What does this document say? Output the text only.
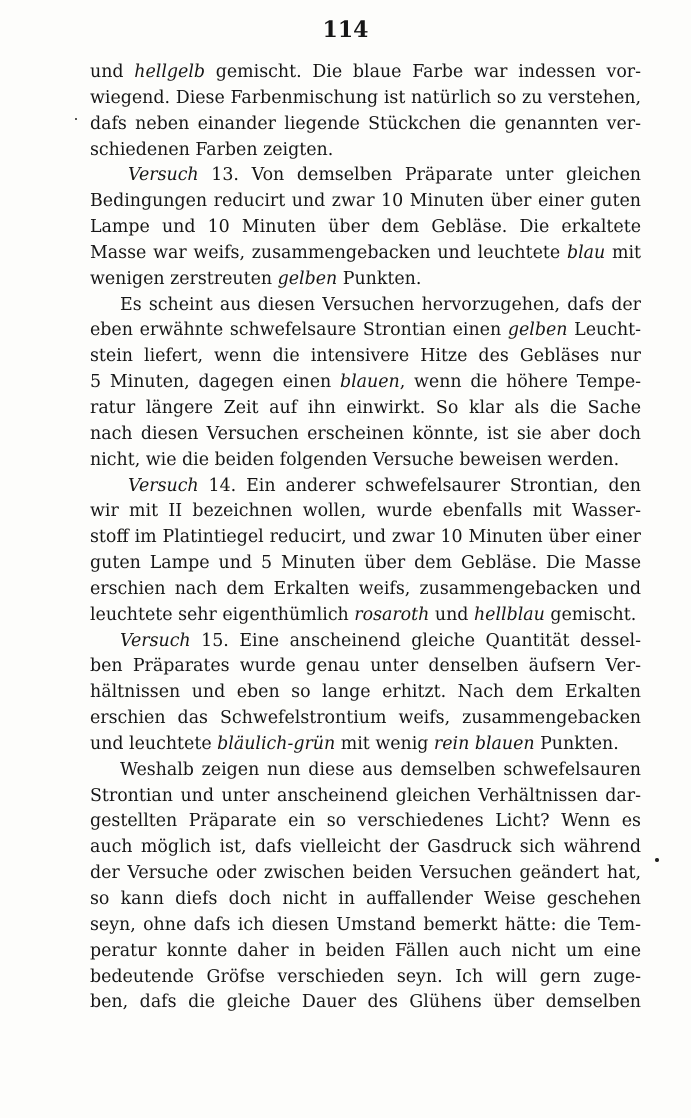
114
und hellgelb gemischt. Die blaue Farbe war indessen vor-
wiegend. Diese Farbenmischung ist natürlich so zu verstehen,
dafs neben einander liegende Stückchen die genannten ver-
schiedenen Farben zeigten.
Versuch 13. Von demselben Präparate unter gleichen
Bedingungen reducirt und zwar 10 Minuten über einer guten
Lampe und 10 Minuten über dem Gebläse. Die erkaltete
Masse war weifs, zusammengebacken und leuchtete blau mit
wenigen zerstreuten gelben Punkten.
Es scheint aus diesen Versuchen hervorzugehen, dafs der
eben erwähnte schwefelsaure Strontian einen gelben Leucht-
stein liefert, wenn die intensivere Hitze des Gebläses nur
5 Minuten, dagegen einen blauen, wenn die höhere Tempe-
ratur längere Zeit auf ihn einwirkt. So klar als die Sache
nach diesen Versuchen erscheinen könnte, ist sie aber doch
nicht, wie die beiden folgenden Versuche beweisen werden.
Versuch 14. Ein anderer schwefelsaurer Strontian, den
wir mit II bezeichnen wollen, wurde ebenfalls mit Wasser-
stoff im Platintiegel reducirt, und zwar 10 Minuten über einer
guten Lampe und 5 Minuten über dem Gebläse. Die Masse
erschien nach dem Erkalten weifs, zusammengebacken und
leuchtete sehr eigenthümlich rosaroth und hellblau gemischt.
Versuch 15. Eine anscheinend gleiche Quantität dessel-
ben Präparates wurde genau unter denselben äufsern Ver-
hältnissen und eben so lange erhitzt. Nach dem Erkalten
erschien das Schwefelstrontium weifs, zusammengebacken
und leuchtete bläulich-grün mit wenig rein blauen Punkten.
Weshalb zeigen nun diese aus demselben schwefelsauren
Strontian und unter anscheinend gleichen Verhältnissen dar-
gestellten Präparate ein so verschiedenes Licht? Wenn es
auch möglich ist, dafs vielleicht der Gasdruck sich während
der Versuche oder zwischen beiden Versuchen geändert hat,
so kann diefs doch nicht in auffallender Weise geschehen
seyn, ohne dafs ich diesen Umstand bemerkt hätte: die Tem-
peratur konnte daher in beiden Fällen auch nicht um eine
bedeutende Gröfse verschieden seyn. Ich will gern zuge-
ben, dafs die gleiche Dauer des Glühens über demselben
